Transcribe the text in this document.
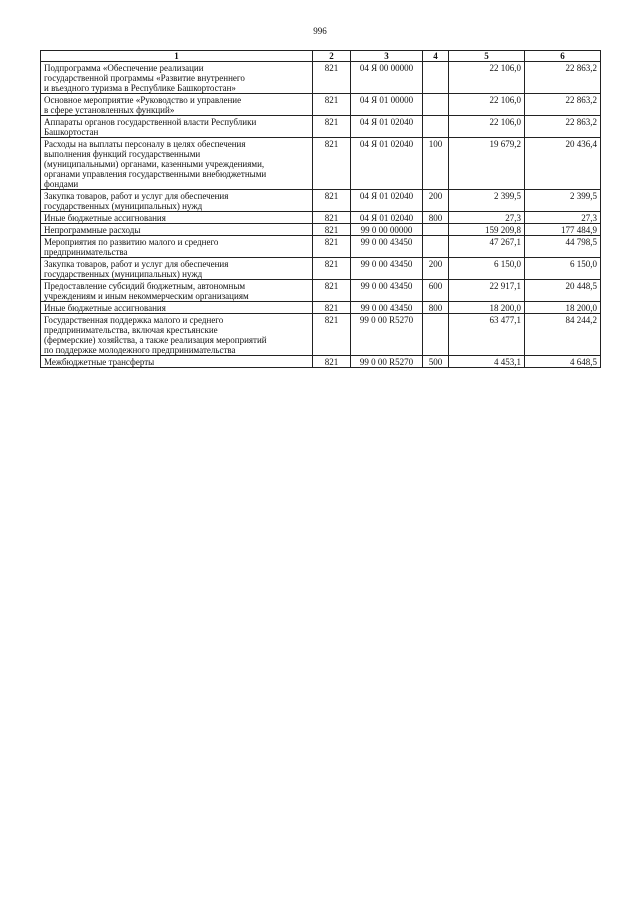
996
1	2	3	4	5	6
Подпрограмма «Обеспечение реализации
государственной программы «Развитие внутреннего
и въездного туризма в Республике Башкортостан»	821	04 Я 00 00000		22 106,0	22 863,2
Основное мероприятие «Руководство и управление
в сфере установленных функций»	821	04 Я 01 00000		22 106,0	22 863,2
Аппараты органов государственной власти Республики
Башкортостан	821	04 Я 01 02040		22 106,0	22 863,2
Расходы на выплаты персоналу в целях обеспечения
выполнения функций государственными
(муниципальными) органами, казенными учреждениями,
органами управления государственными внебюджетными
фондами	821	04 Я 01 02040	100	19 679,2	20 436,4
Закупка товаров, работ и услуг для обеспечения
государственных (муниципальных) нужд	821	04 Я 01 02040	200	2 399,5	2 399,5
Иные бюджетные ассигнования	821	04 Я 01 02040	800	27,3	27,3
Непрограммные расходы	821	99 0 00 00000		159 209,8	177 484,9
Мероприятия по развитию малого и среднего
предпринимательства	821	99 0 00 43450		47 267,1	44 798,5
Закупка товаров, работ и услуг для обеспечения
государственных (муниципальных) нужд	821	99 0 00 43450	200	6 150,0	6 150,0
Предоставление субсидий бюджетным, автономным
учреждениям и иным некоммерческим организациям	821	99 0 00 43450	600	22 917,1	20 448,5
Иные бюджетные ассигнования	821	99 0 00 43450	800	18 200,0	18 200,0
Государственная поддержка малого и среднего
предпринимательства, включая крестьянские
(фермерские) хозяйства, а также реализация мероприятий
по поддержке молодежного предпринимательства	821	99 0 00 R5270		63 477,1	84 244,2
Межбюджетные трансферты	821	99 0 00 R5270	500	4 453,1	4 648,5
